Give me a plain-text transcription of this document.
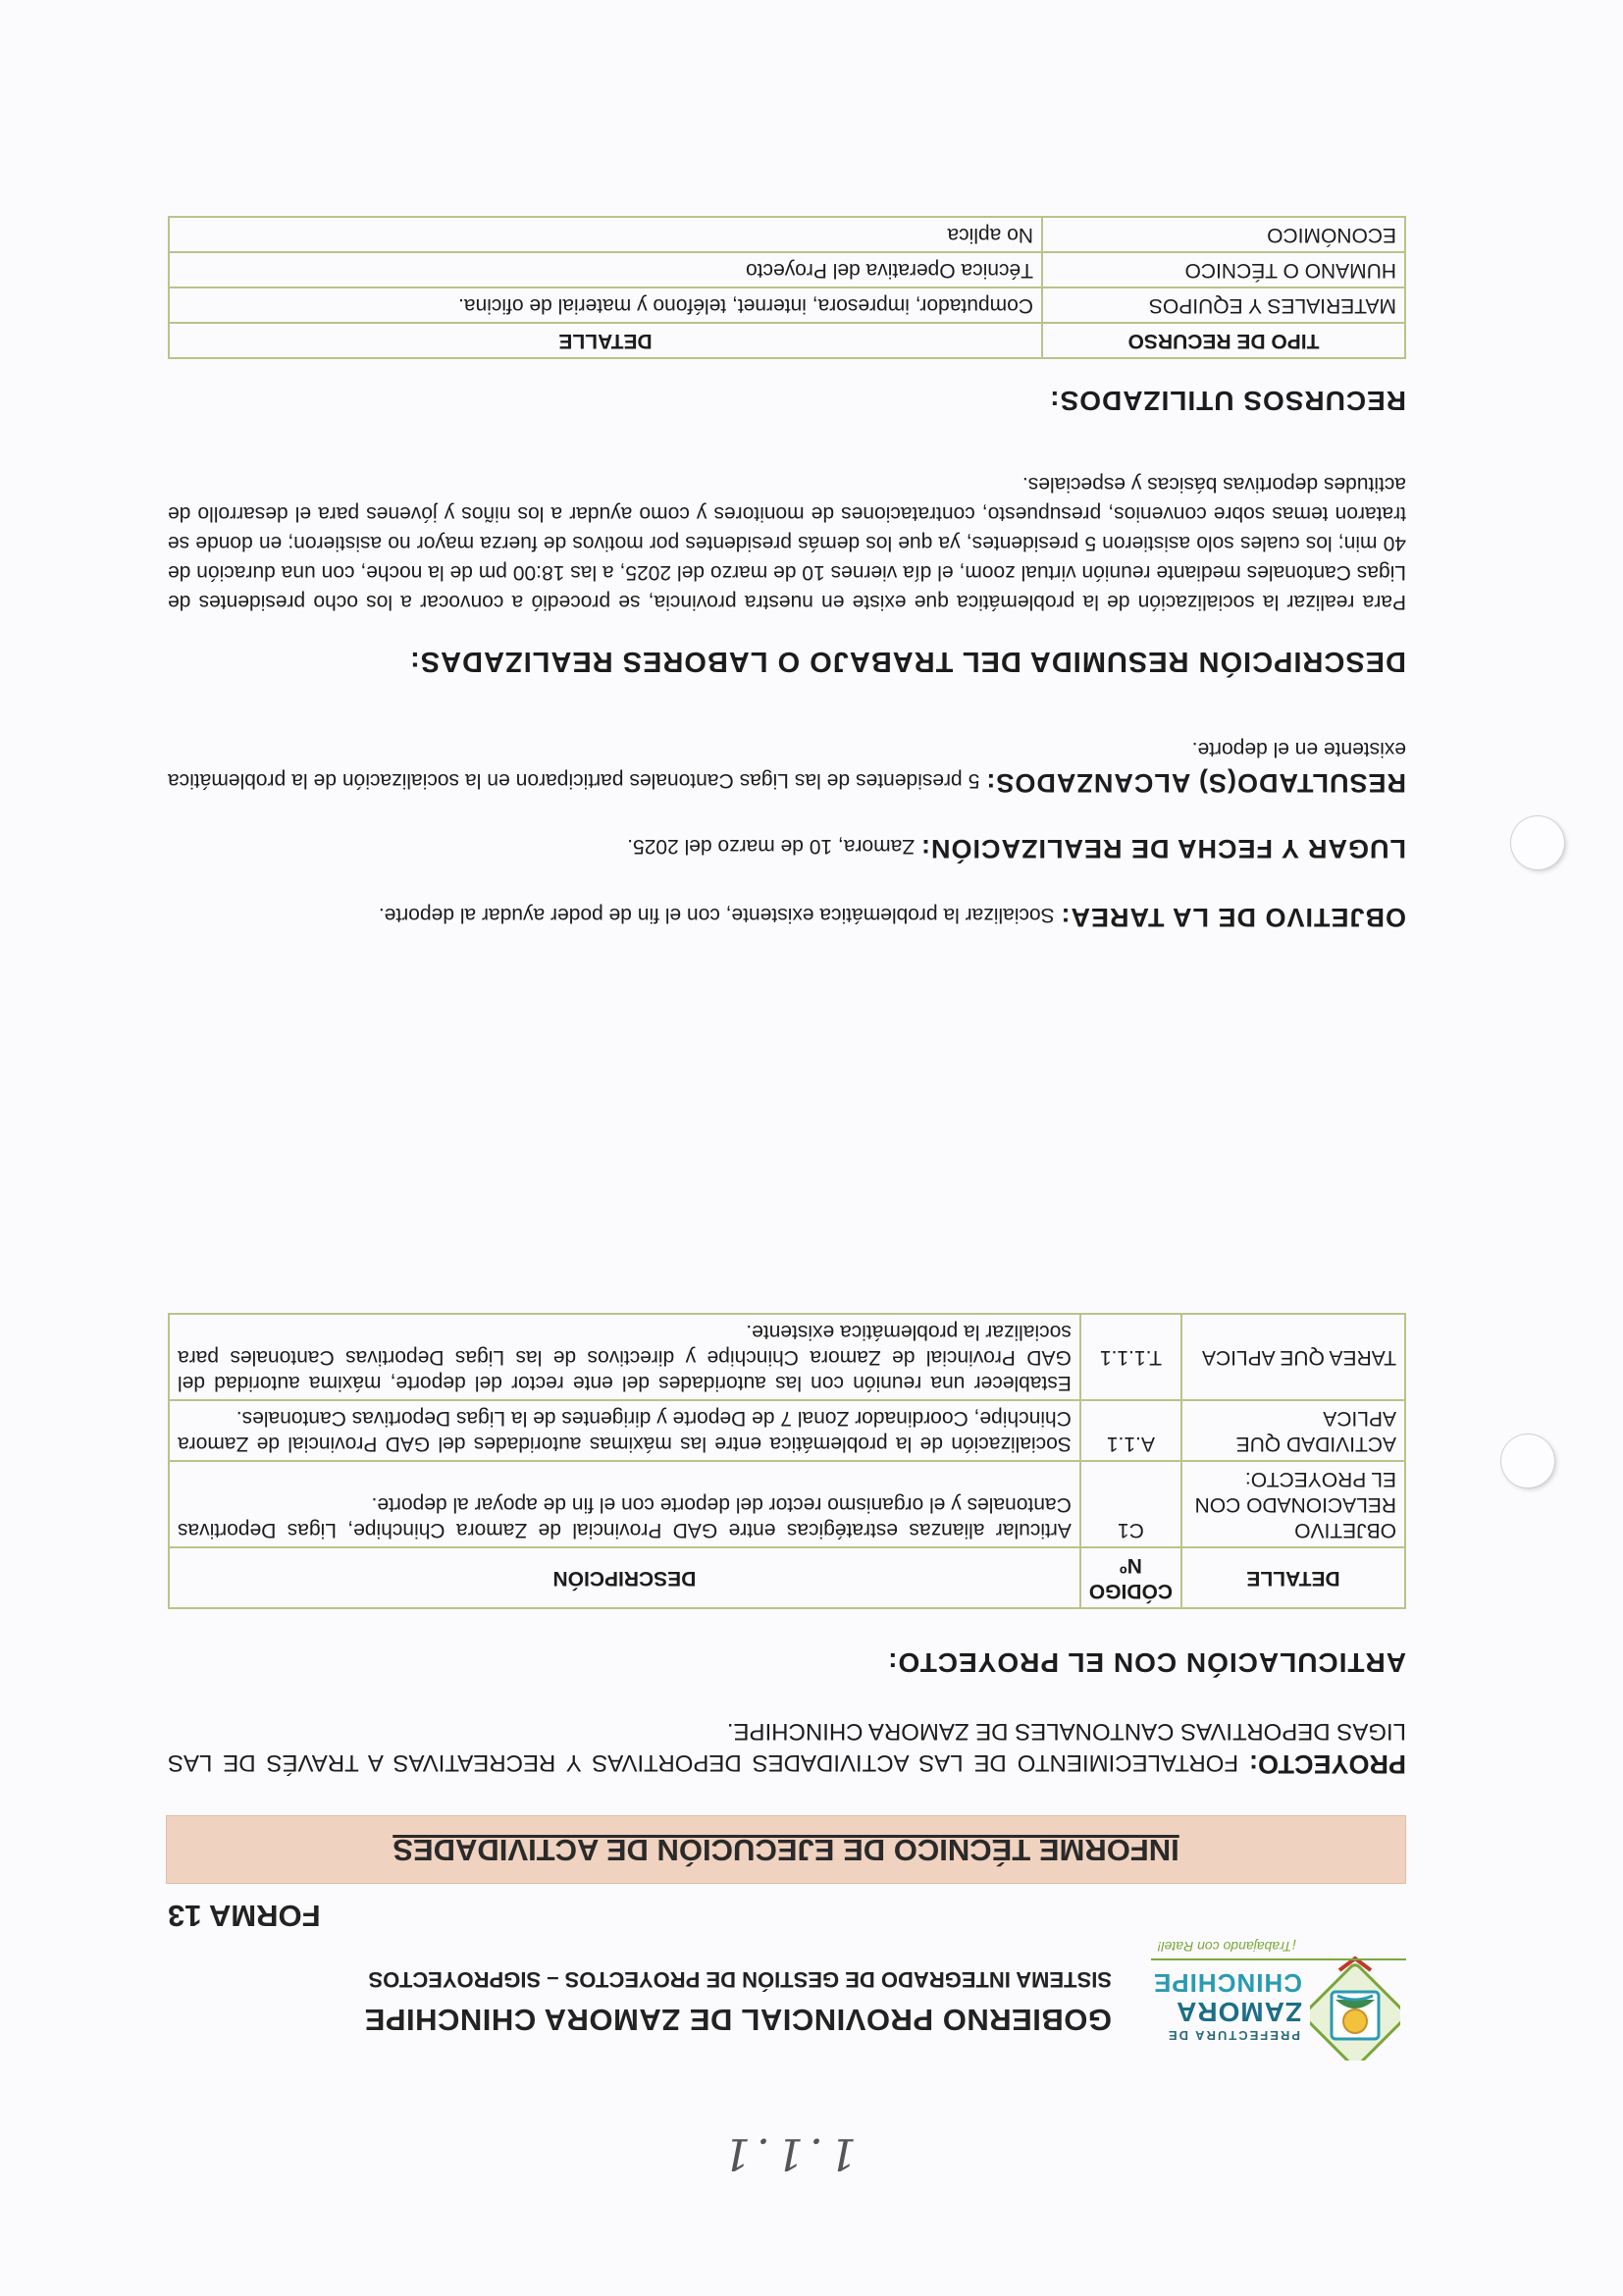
1.1.1
PREFECTURA DE
ZAMORA
CHINCHIPE
¡Trabajando con Ratel!
GOBIERNO PROVINCIAL DE ZAMORA CHINCHIPE
SISTEMA INTEGRADO DE GESTIÓN DE PROYECTOS – SIGPROYECTOS
FORMA 13
INFORME TÉCNICO DE EJECUCIÓN DE ACTIVIDADES
PROYECTO: FORTALECIMIENTO DE LAS ACTIVIDADES DEPORTIVAS Y RECREATIVAS A TRAVÉS DE LAS LIGAS DEPORTIVAS CANTONALES DE ZAMORA CHINCHIPE.
ARTICULACIÓN CON EL PROYECTO:
DETALLE	CÓDIGO Nº	DESCRIPCIÓN
OBJETIVO RELACIONADO CON EL PROYECTO:	C1	Articular alianzas estratégicas entre GAD Provincial de Zamora Chinchipe, Ligas Deportivas Cantonales y el organismo rector del deporte con el fin de apoyar al deporte.
ACTIVIDAD QUE APLICA	A.1.1	Socialización de la problemática entre las máximas autoridades del GAD Provincial de Zamora Chinchipe, Coordinador Zonal 7 de Deporte y dirigentes de la Ligas Deportivas Cantonales.
TAREA QUE APLICA	T.1.1.1	Establecer una reunión con las autoridades del ente rector del deporte, máxima autoridad del GAD Provincial de Zamora Chinchipe y directivos de las Ligas Deportivas Cantonales para socializar la problemática existente.
OBJETIVO DE LA TAREA: Socializar la problemática existente, con el fin de poder ayudar al deporte.
LUGAR Y FECHA DE REALIZACIÓN: Zamora, 10 de marzo del 2025.
RESULTADO(S) ALCANZADOS: 5 presidentes de las Ligas Cantonales participaron en la socialización de la problemática existente en el deporte.
DESCRIPCIÓN RESUMIDA DEL TRABAJO O LABORES REALIZADAS:
Para realizar la socialización de la problemática que existe en nuestra provincia, se procedió a convocar a los ocho presidentes de Ligas Cantonales mediante reunión virtual zoom, el día viernes 10 de marzo del 2025, a las 18:00 pm de la noche, con una duración de 40 min; los cuales solo asistieron 5 presidentes, ya que los demás presidentes por motivos de fuerza mayor no asistieron; en donde se trataron temas sobre convenios, presupuesto, contrataciones de monitores y como ayudar a los niños y jóvenes para el desarrollo de actitudes deportivas básicas y especiales.
RECURSOS UTILIZADOS:
TIPO DE RECURSO	DETALLE
MATERIALES Y EQUIPOS	Computador, impresora, internet, teléfono y material de oficina.
HUMANO O TÉCNICO	Técnica Operativa del Proyecto
ECONÓMICO	No aplica
